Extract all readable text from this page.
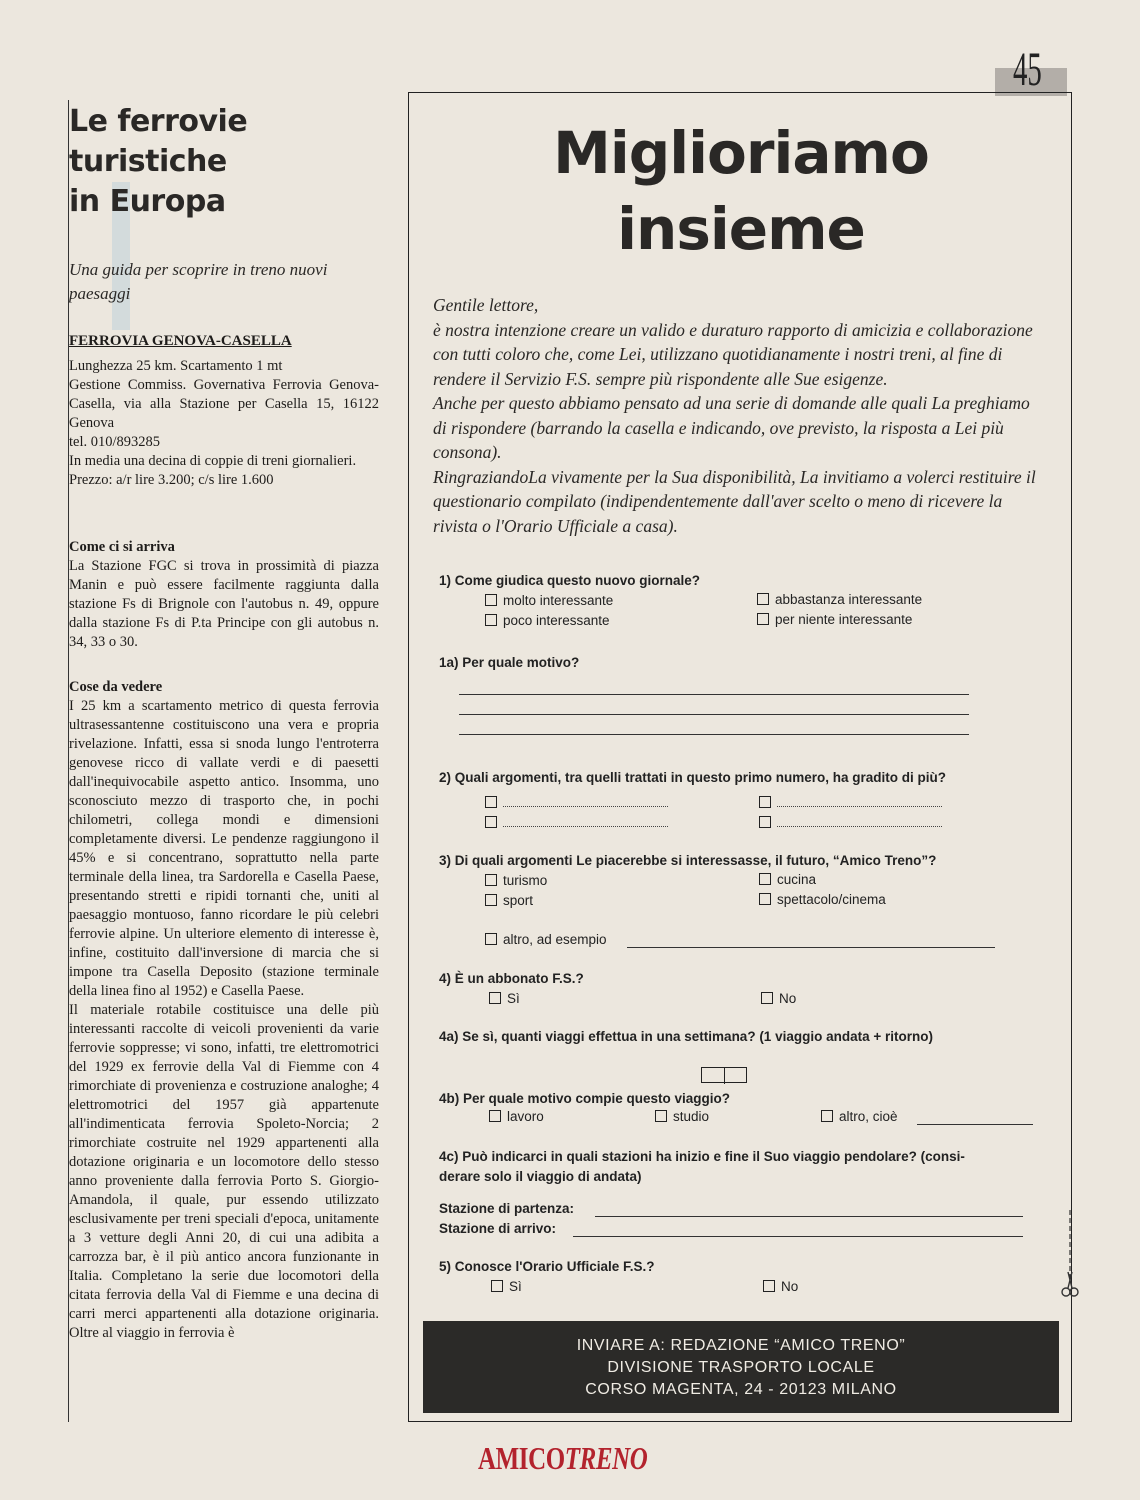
45
Le ferrovie
turistiche
in Europa
Una guida per scoprire in treno nuovi paesaggi

FERROVIA GENOVA-CASELLA

Lunghezza 25 km. Scartamento 1 mt

Gestione Commiss. Governativa Ferrovia Genova-Casella, via alla Stazione per Casella 15, 16122 Genova

tel. 010/893285

In media una decina di coppie di treni giornalieri.

Prezzo: a/r lire 3.200; c/s lire 1.600

Come ci si arriva

La Stazione FGC si trova in prossimità di piazza Manin e può essere facilmente raggiunta dalla stazione Fs di Brignole con l'autobus n. 49, oppure dalla stazione Fs di P.ta Principe con gli autobus n. 34, 33 o 30.

Cose da vedere

I 25 km a scartamento metrico di questa ferrovia ultrasessantenne costituiscono una vera e propria rivelazione. Infatti, essa si snoda lungo l'entroterra genovese ricco di vallate verdi e di paesetti dall'inequivocabile aspetto antico. Insomma, uno sconosciuto mezzo di trasporto che, in pochi chilometri, collega mondi e dimensioni completamente diversi. Le pendenze raggiungono il 45% e si concentrano, soprattutto nella parte terminale della linea, tra Sardorella e Casella Paese, presentando stretti e ripidi tornanti che, uniti al paesaggio montuoso, fanno ricordare le più celebri ferrovie alpine. Un ulteriore elemento di interesse è, infine, costituito dall'inversione di marcia che si impone tra Casella Deposito (stazione terminale della linea fino al 1952) e Casella Paese.

Il materiale rotabile costituisce una delle più interessanti raccolte di veicoli provenienti da varie ferrovie soppresse; vi sono, infatti, tre elettromotrici del 1929 ex ferrovie della Val di Fiemme con 4 rimorchiate di provenienza e costruzione analoghe; 4 elettromotrici del 1957 già appartenute all'indimenticata ferrovia Spoleto-Norcia; 2 rimorchiate costruite nel 1929 appartenenti alla dotazione originaria e un locomotore dello stesso anno proveniente dalla ferrovia Porto S. Giorgio-Amandola, il quale, pur essendo utilizzato esclusivamente per treni speciali d'epoca, unitamente a 3 vetture degli Anni 20, di cui una adibita a carrozza bar, è il più antico ancora funzionante in Italia. Completano la serie due locomotori della citata ferrovia della Val di Fiemme e una decina di carri merci appartenenti alla dotazione originaria. Oltre al viaggio in ferrovia è

Miglioriamo
insieme

Gentile lettore,

è nostra intenzione creare un valido e duraturo rapporto di amicizia e collaborazione con tutti coloro che, come Lei, utilizzano quotidianamente i nostri treni, al fine di rendere il Servizio F.S. sempre più rispondente alle Sue esigenze.

Anche per questo abbiamo pensato ad una serie di domande alle quali La preghiamo di rispondere (barrando la casella e indicando, ove previsto, la risposta a Lei più consona).

RingraziandoLa vivamente per la Sua disponibilità, La invitiamo a volerci restituire il questionario compilato (indipendentemente dall'aver scelto o meno di ricevere la rivista o l'Orario Ufficiale a casa).

1) Come giudica questo nuovo giornale?
molto interessante	abbastanza interessante
poco interessante	per niente interessante
1a) Per quale motivo?
2) Quali argomenti, tra quelli trattati in questo primo numero, ha gradito di più?
3) Di quali argomenti Le piacerebbe si interessasse, il futuro, “Amico Treno”?
turismo	cucina
sport	spettacolo/cinema
altro, ad esempio
4) È un abbonato F.S.?
Sì	No
4a) Se sì, quanti viaggi effettua in una settimana? (1 viaggio andata + ritorno)
4b) Per quale motivo compie questo viaggio?
lavoro	studio	altro, cioè
4c) Può indicarci in quali stazioni ha inizio e fine il Suo viaggio pendolare? (consi-
derare solo il viaggio di andata)
Stazione di partenza:
Stazione di arrivo:
5) Conosce l'Orario Ufficiale F.S.?
Sì	No
INVIARE A: REDAZIONE “AMICO TRENO”
DIVISIONE TRASPORTO LOCALE
CORSO MAGENTA, 24 - 20123 MILANO
AMICOTRENO
